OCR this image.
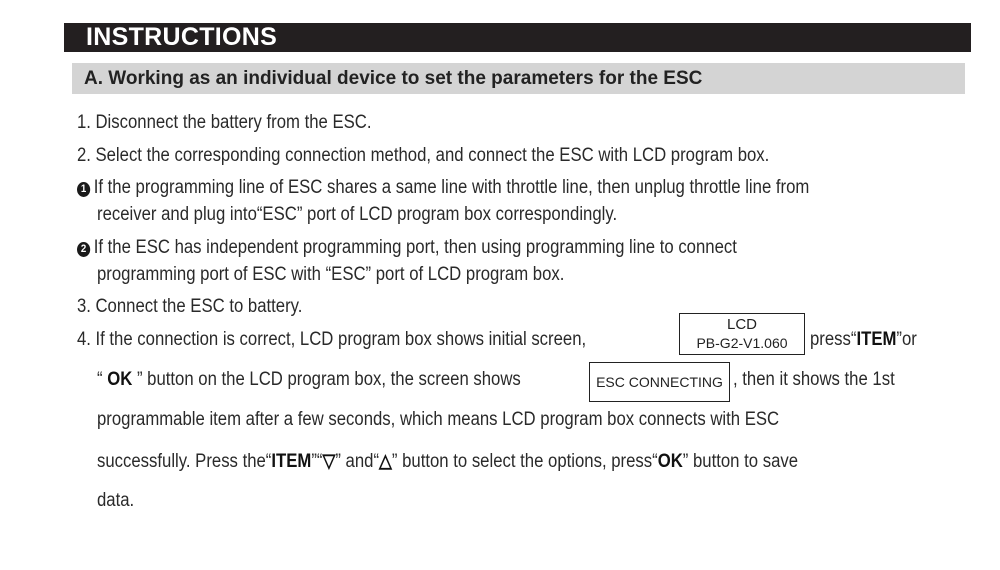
INSTRUCTIONS
A. Working as an individual device to set the parameters for the ESC
1. Disconnect the battery from the ESC.
2. Select the corresponding connection method, and connect the ESC with LCD program box.
1 If the programming line of ESC shares a same line with throttle line, then unplug throttle line from
receiver and plug into“ESC” port of LCD program box correspondingly.
2 If the ESC has independent programming port, then using programming line to connect
programming port of ESC with “ESC” port of LCD program box.
3. Connect the ESC to battery.
4. If the connection is correct, LCD program box shows initial screen,
LCD
PB-G2-V1.060	press“ITEM”or
“ OK ” button on the LCD program box, the screen shows	ESC CONNECTING , then it shows the 1st
programmable item after a few seconds, which means LCD program box connects with ESC
successfully. Press the“ITEM”“▽” and“△” button to select the options, press“OK” button to save
data.
